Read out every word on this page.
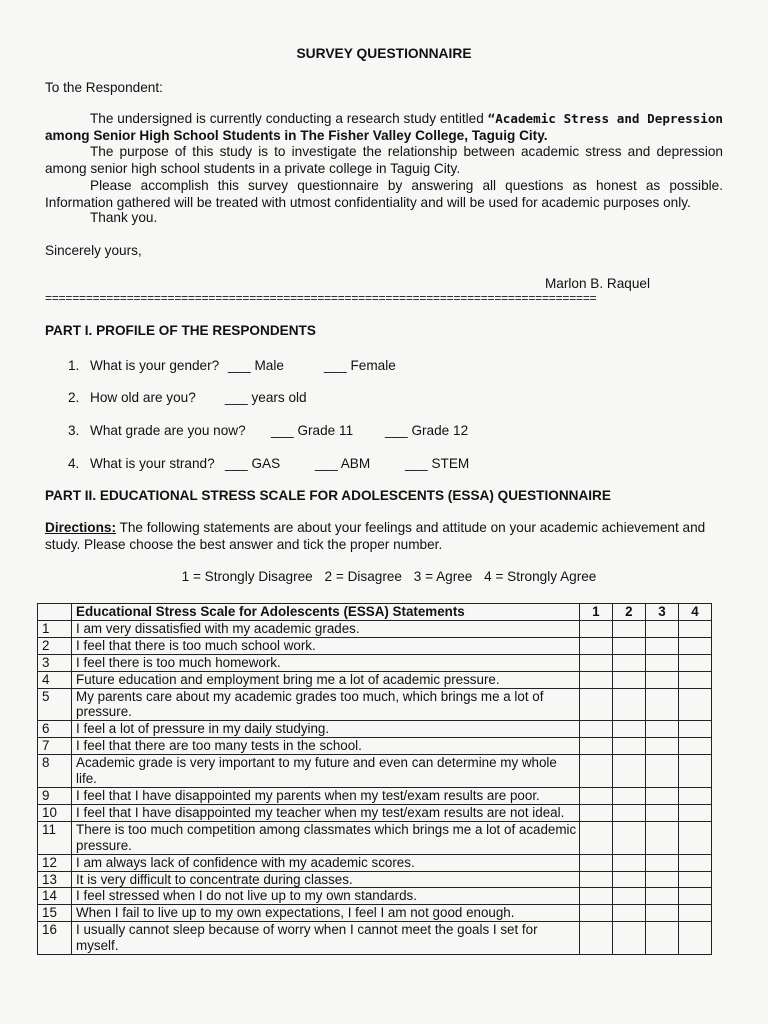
SURVEY QUESTIONNAIRE
To the Respondent:
The undersigned is currently conducting a research study entitled “Academic Stress and Depression among Senior High School Students in The Fisher Valley College, Taguig City.
The purpose of this study is to investigate the relationship between academic stress and depression among senior high school students in a private college in Taguig City.
Please accomplish this survey questionnaire by answering all questions as honest as possible. Information gathered will be treated with utmost confidentiality and will be used for academic purposes only.
Thank you.
Sincerely yours,
Marlon B. Raquel
=================================================================================
PART I. PROFILE OF THE RESPONDENTS
1. What is your gender? ___ Male	___ Female
2. How old are you? ___ years old
3. What grade are you now? ___ Grade 11 ___ Grade 12
4. What is your strand? ___ GAS	___ ABM	___ STEM
PART II. EDUCATIONAL STRESS SCALE FOR ADOLESCENTS (ESSA) QUESTIONNAIRE
Directions: The following statements are about your feelings and attitude on your academic achievement and study. Please choose the best answer and tick the proper number.
1 = Strongly Disagree 2 = Disagree 3 = Agree 4 = Strongly Agree
	Educational Stress Scale for Adolescents (ESSA) Statements	1	2	3	4
1	I am very dissatisfied with my academic grades.				
2	I feel that there is too much school work.				
3	I feel there is too much homework.				
4	Future education and employment bring me a lot of academic pressure.				
5	My parents care about my academic grades too much, which brings me a lot of pressure.				
6	I feel a lot of pressure in my daily studying.				
7	I feel that there are too many tests in the school.				
8	Academic grade is very important to my future and even can determine my whole life.				
9	I feel that I have disappointed my parents when my test/exam results are poor.				
10	I feel that I have disappointed my teacher when my test/exam results are not ideal.				
11	There is too much competition among classmates which brings me a lot of academic pressure.				
12	I am always lack of confidence with my academic scores.				
13	It is very difficult to concentrate during classes.				
14	I feel stressed when I do not live up to my own standards.				
15	When I fail to live up to my own expectations, I feel I am not good enough.				
16	I usually cannot sleep because of worry when I cannot meet the goals I set for myself.				
